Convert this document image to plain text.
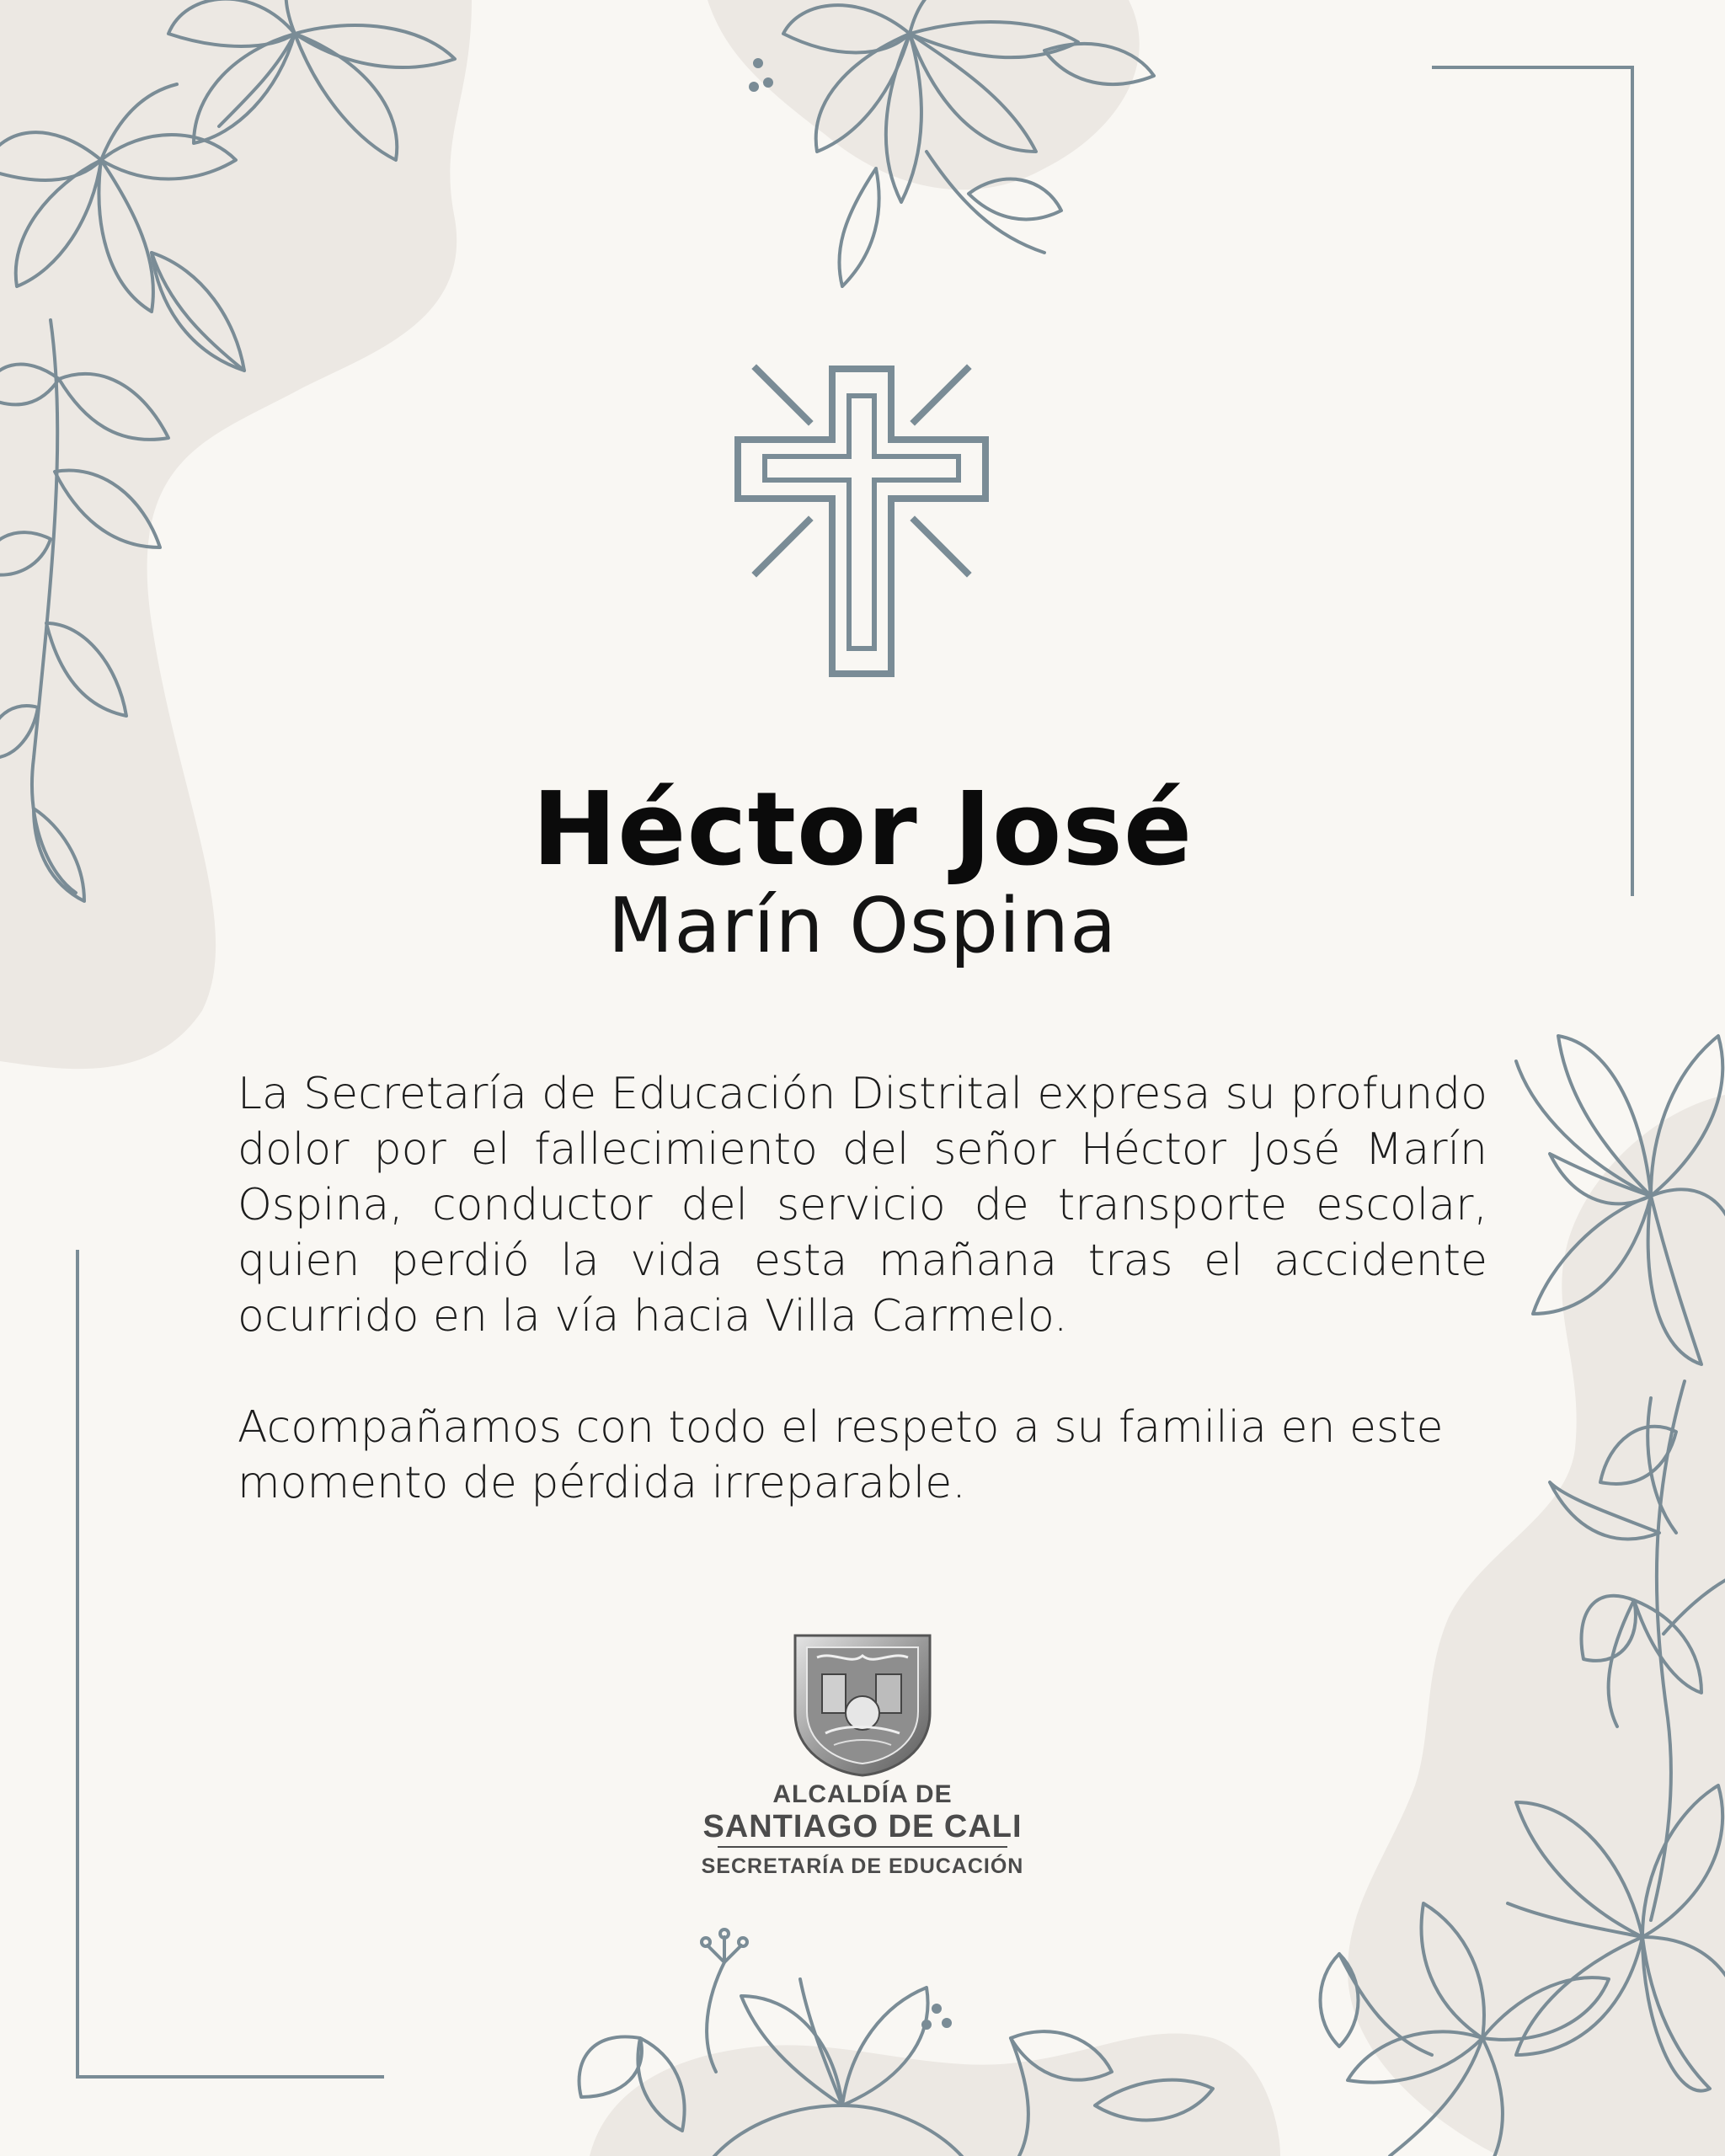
Héctor José
Marín Ospina

La Secretaría de Educación Distrital expresa su profundo dolor por el fallecimiento del señor Héctor José Marín Ospina, conductor del servicio de transporte escolar, quien perdió la vida esta mañana tras el accidente ocurrido en la vía hacia Villa Carmelo.

Acompañamos con todo el respeto a su familia en este momento de pérdida irreparable.

ALCALDÍA DE
SANTIAGO DE CALI
SECRETARÍA DE EDUCACIÓN
